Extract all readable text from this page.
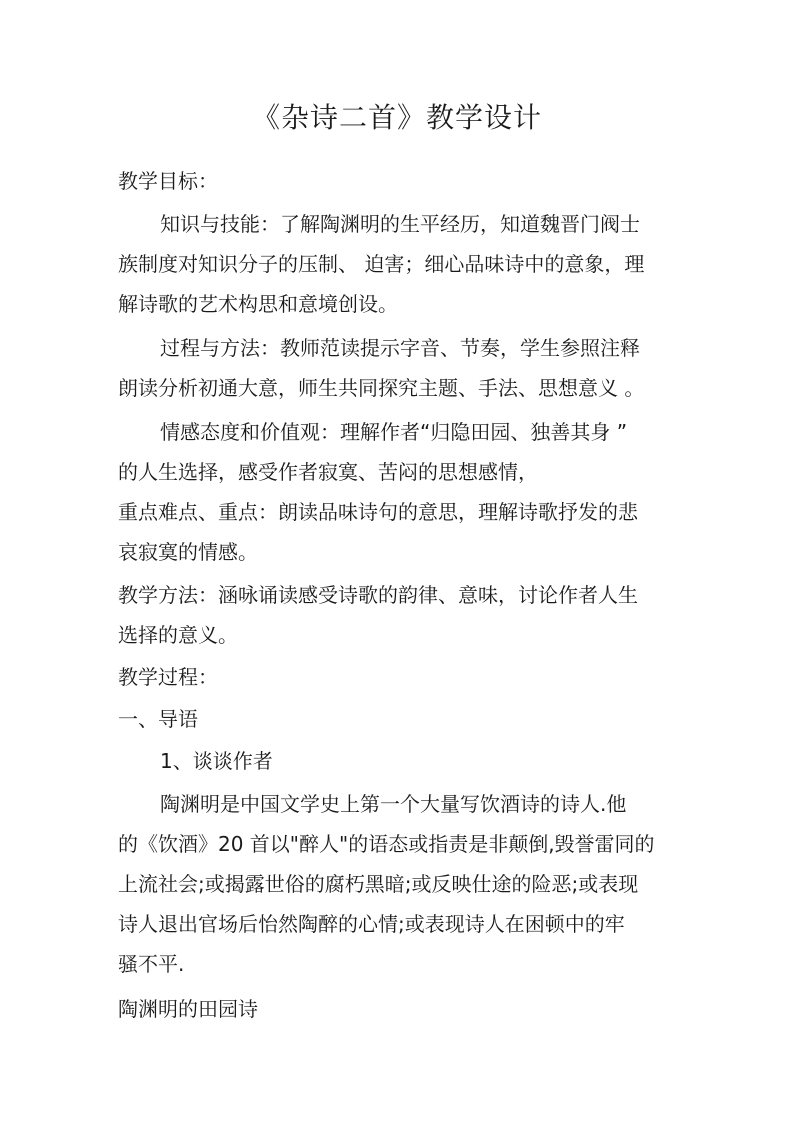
《杂诗二首》教学设计
教学目标：
知识与技能：了解陶渊明的生平经历，知道魏晋门阀士
族制度对知识分子的压制、 迫害；细心品味诗中的意象，理
解诗歌的艺术构思和意境创设。
过程与方法：教师范读提示字音、节奏，学生参照注释
朗读分析初通大意，师生共同探究主题、手法、思想意义 。
情感态度和价值观：理解作者“归隐田园、独善其身 ”
的人生选择，感受作者寂寞、苦闷的思想感情，
重点难点、重点：朗读品味诗句的意思，理解诗歌抒发的悲
哀寂寞的情感。
教学方法：涵咏诵读感受诗歌的韵律、意味，讨论作者人生
选择的意义。
教学过程：
一、导语
1、谈谈作者
陶渊明是中国文学史上第一个大量写饮酒诗的诗人.他
的《饮酒》20 首以"醉人"的语态或指责是非颠倒,毁誉雷同的
上流社会;或揭露世俗的腐朽黑暗;或反映仕途的险恶;或表现
诗人退出官场后怡然陶醉的心情;或表现诗人在困顿中的牢
骚不平.
陶渊明的田园诗
